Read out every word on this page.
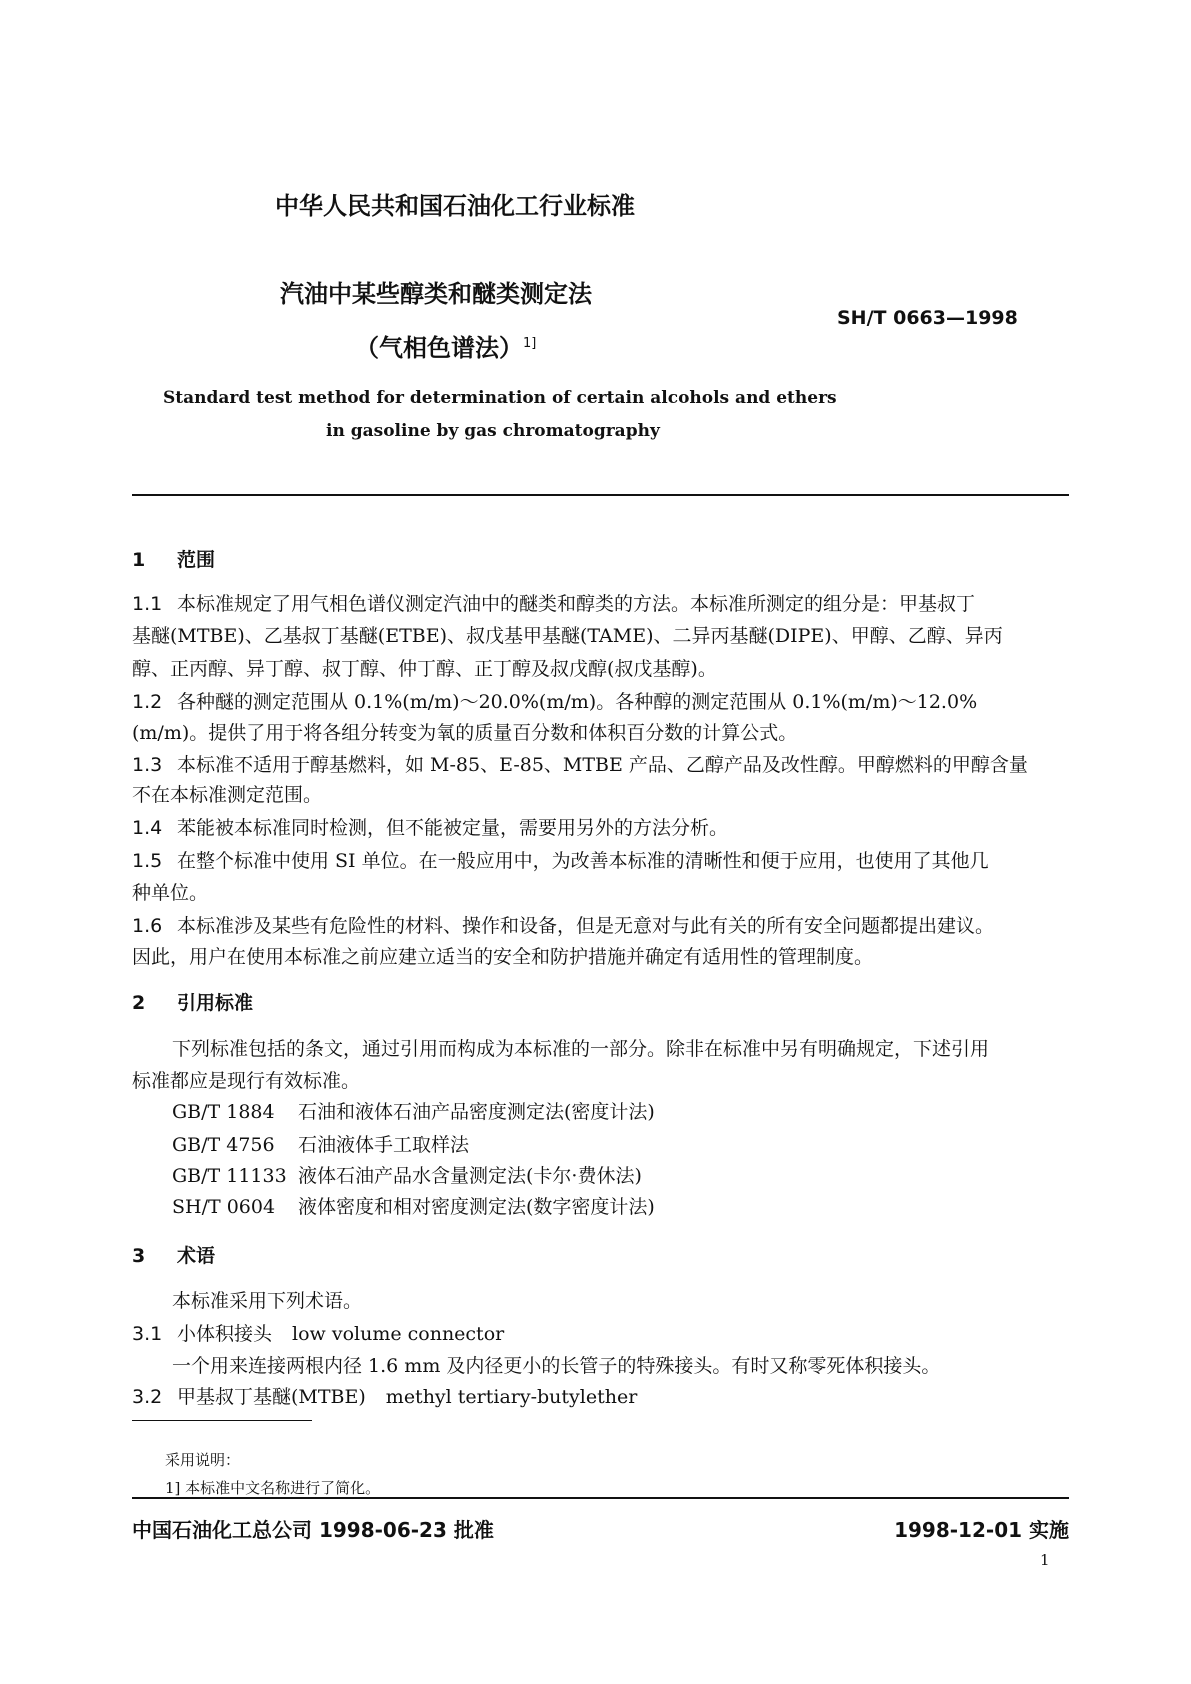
中华人民共和国石油化工行业标准
汽油中某些醇类和醚类测定法
（气相色谱法）$^{1]}$
SH/T 0663—1998
Standard test method for determination of certain alcohols and ethers
in gasoline by gas chromatography
1 范围
1.1 本标准规定了用气相色谱仪测定汽油中的醚类和醇类的方法。本标准所测定的组分是：甲基叔丁
基醚(MTBE)、乙基叔丁基醚(ETBE)、叔戊基甲基醚(TAME)、二异丙基醚(DIPE)、甲醇、乙醇、异丙
醇、正丙醇、异丁醇、叔丁醇、仲丁醇、正丁醇及叔戊醇(叔戊基醇)。
1.2 各种醚的测定范围从 0.1%(m/m)～20.0%(m/m)。各种醇的测定范围从 0.1%(m/m)～12.0%
(m/m)。提供了用于将各组分转变为氧的质量百分数和体积百分数的计算公式。
1.3 本标准不适用于醇基燃料，如 M-85、E-85、MTBE 产品、乙醇产品及改性醇。甲醇燃料的甲醇含量
不在本标准测定范围。
1.4 苯能被本标准同时检测，但不能被定量，需要用另外的方法分析。
1.5 在整个标准中使用 SI 单位。在一般应用中，为改善本标准的清晰性和便于应用，也使用了其他几
种单位。
1.6 本标准涉及某些有危险性的材料、操作和设备，但是无意对与此有关的所有安全问题都提出建议。
因此，用户在使用本标准之前应建立适当的安全和防护措施并确定有适用性的管理制度。
2 引用标准
下列标准包括的条文，通过引用而构成为本标准的一部分。除非在标准中另有明确规定，下述引用
标准都应是现行有效标准。
GB/T 1884 石油和液体石油产品密度测定法(密度计法)
GB/T 4756 石油液体手工取样法
GB/T 11133 液体石油产品水含量测定法(卡尔·费休法)
SH/T 0604 液体密度和相对密度测定法(数字密度计法)
3 术语
本标准采用下列术语。
3.1 小体积接头 low volume connector
一个用来连接两根内径 1.6 mm 及内径更小的长管子的特殊接头。有时又称零死体积接头。
3.2 甲基叔丁基醚(MTBE) methyl tertiary-butylether
采用说明：
1] 本标准中文名称进行了简化。
中国石油化工总公司 1998-06-23 批准	1998-12-01 实施
1
